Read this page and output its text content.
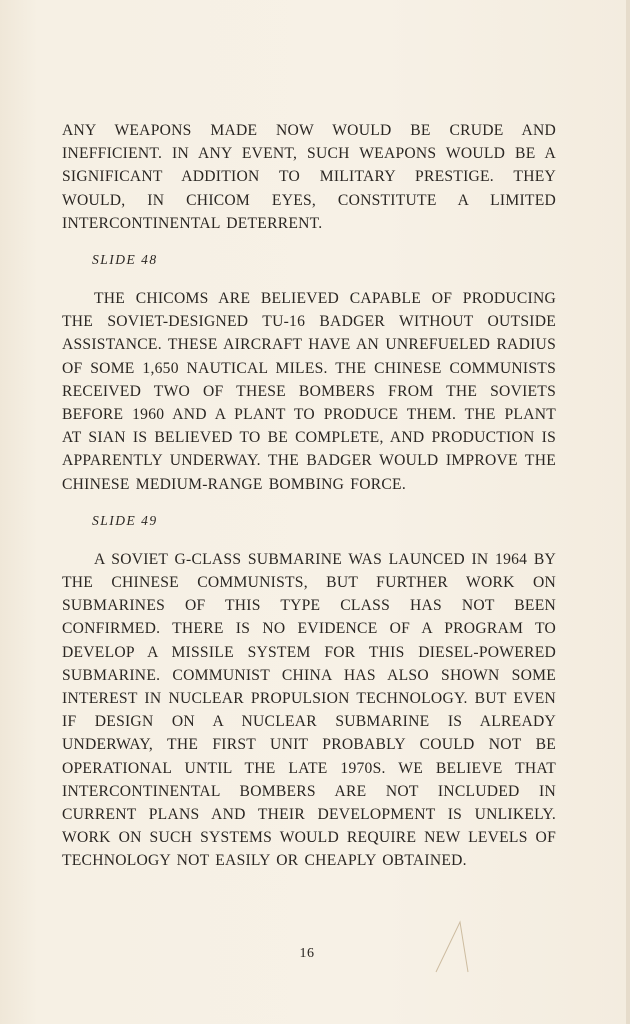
ANY WEAPONS MADE NOW WOULD BE CRUDE AND INEFFICIENT. IN ANY EVENT, SUCH WEAPONS WOULD BE A SIGNIFICANT ADDITION TO MILITARY PRESTIGE. THEY WOULD, IN CHICOM EYES, CONSTITUTE A LIMITED INTERCONTINENTAL DETERRENT.

SLIDE 48

THE CHICOMS ARE BELIEVED CAPABLE OF PRODUCING THE SOVIET-DESIGNED TU-16 BADGER WITHOUT OUTSIDE ASSISTANCE. THESE AIRCRAFT HAVE AN UNREFUELED RADIUS OF SOME 1,650 NAUTICAL MILES. THE CHINESE COMMUNISTS RECEIVED TWO OF THESE BOMBERS FROM THE SOVIETS BEFORE 1960 AND A PLANT TO PRODUCE THEM. THE PLANT AT SIAN IS BELIEVED TO BE COMPLETE, AND PRODUCTION IS APPARENTLY UNDERWAY. THE BADGER WOULD IMPROVE THE CHINESE MEDIUM-RANGE BOMBING FORCE.

SLIDE 49

A SOVIET G-CLASS SUBMARINE WAS LAUNCED IN 1964 BY THE CHINESE COMMUNISTS, BUT FURTHER WORK ON SUBMARINES OF THIS TYPE CLASS HAS NOT BEEN CONFIRMED. THERE IS NO EVIDENCE OF A PROGRAM TO DEVELOP A MISSILE SYSTEM FOR THIS DIESEL-POWERED SUBMARINE. COMMUNIST CHINA HAS ALSO SHOWN SOME INTEREST IN NUCLEAR PROPULSION TECHNOLOGY. BUT EVEN IF DESIGN ON A NUCLEAR SUBMARINE IS ALREADY UNDERWAY, THE FIRST UNIT PROBABLY COULD NOT BE OPERATIONAL UNTIL THE LATE 1970S. WE BELIEVE THAT INTERCONTINENTAL BOMBERS ARE NOT INCLUDED IN CURRENT PLANS AND THEIR DEVELOPMENT IS UNLIKELY. WORK ON SUCH SYSTEMS WOULD REQUIRE NEW LEVELS OF TECHNOLOGY NOT EASILY OR CHEAPLY OBTAINED.

16
